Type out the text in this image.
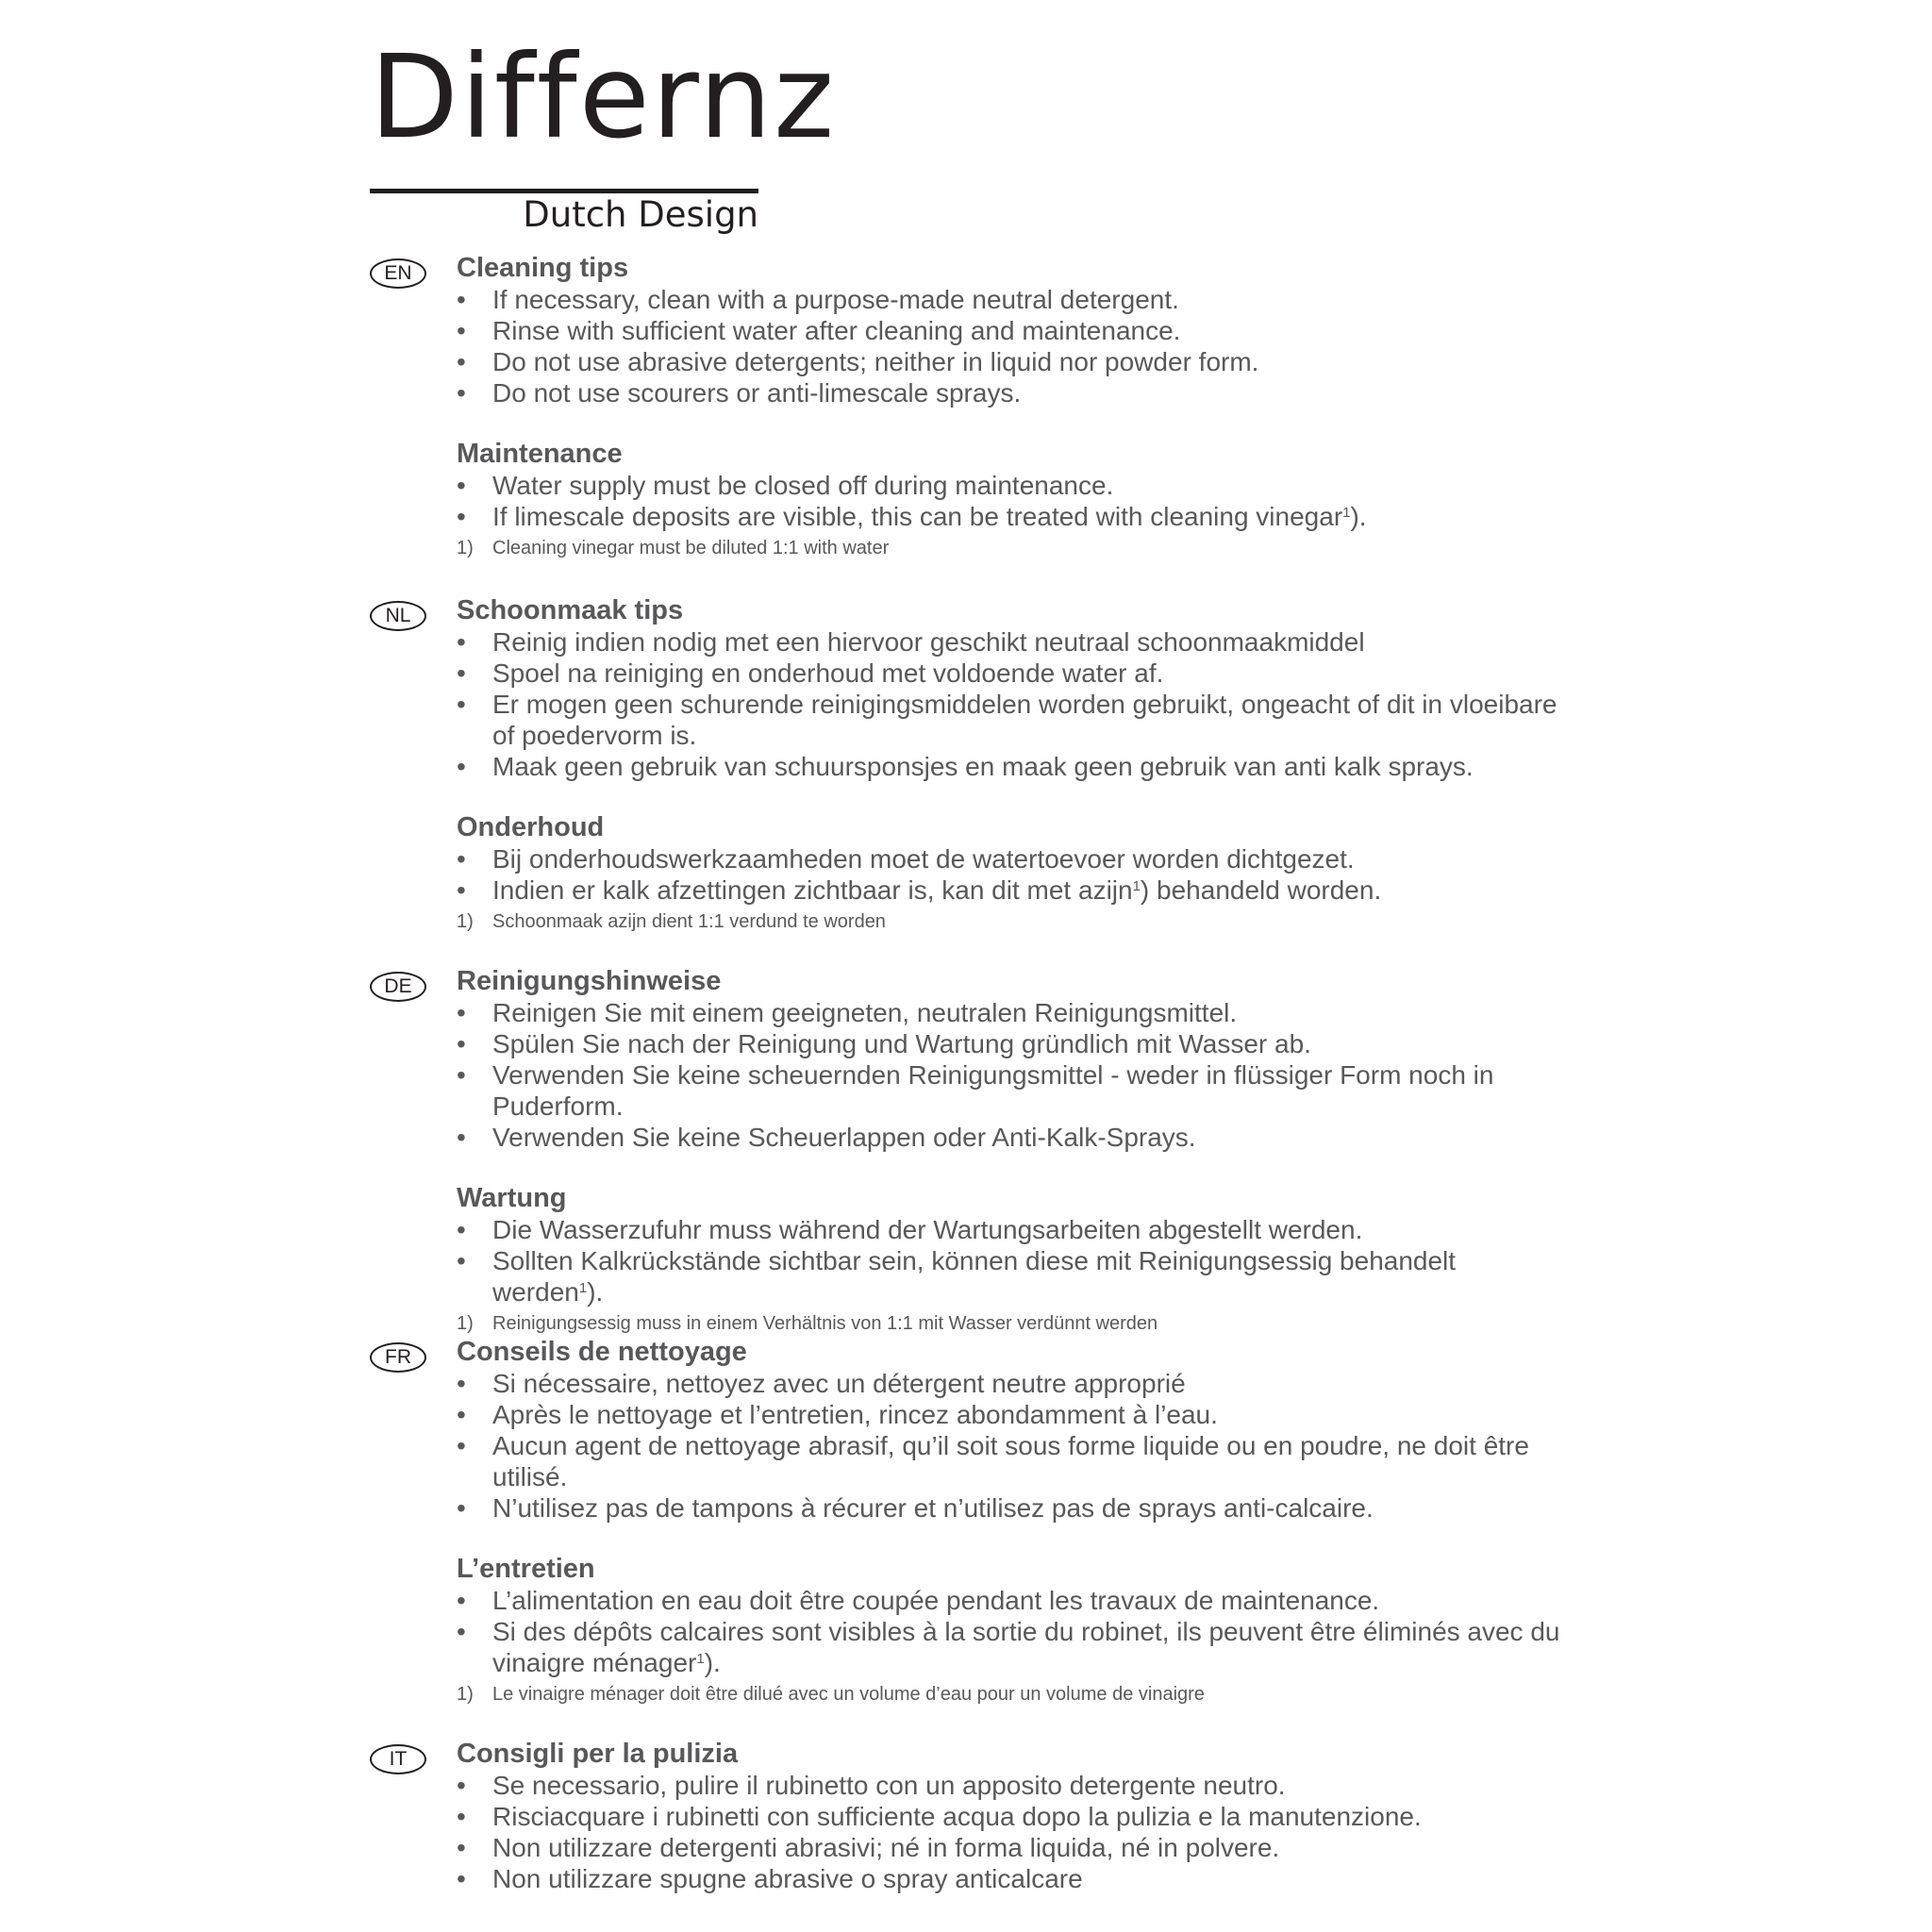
Differnz
Dutch Design
EN	Cleaning tips
•	If necessary, clean with a purpose-made neutral detergent.
•	Rinse with sufficient water after cleaning and maintenance.
•	Do not use abrasive detergents; neither in liquid nor powder form.
•	Do not use scourers or anti-limescale sprays.
Maintenance
•	Water supply must be closed off during maintenance.
•	If limescale deposits are visible, this can be treated with cleaning vinegar$^1$).
1) Cleaning vinegar must be diluted 1:1 with water
NL	Schoonmaak tips
•	Reinig indien nodig met een hiervoor geschikt neutraal schoonmaakmiddel
•	Spoel na reiniging en onderhoud met voldoende water af.
•	Er mogen geen schurende reinigingsmiddelen worden gebruikt, ongeacht of dit in vloeibare of poedervorm is.
•	Maak geen gebruik van schuursponsjes en maak geen gebruik van anti kalk sprays.
Onderhoud
•	Bij onderhoudswerkzaamheden moet de watertoevoer worden dichtgezet.
•	Indien er kalk afzettingen zichtbaar is, kan dit met azijn$^1$) behandeld worden.
1) Schoonmaak azijn dient 1:1 verdund te worden
DE	Reinigungshinweise
•	Reinigen Sie mit einem geeigneten, neutralen Reinigungsmittel.
•	Spülen Sie nach der Reinigung und Wartung gründlich mit Wasser ab.
•	Verwenden Sie keine scheuernden Reinigungsmittel - weder in flüssiger Form noch in Puderform.
•	Verwenden Sie keine Scheuerlappen oder Anti-Kalk-Sprays.
Wartung
•	Die Wasserzufuhr muss während der Wartungsarbeiten abgestellt werden.
•	Sollten Kalkrückstände sichtbar sein, können diese mit Reinigungsessig behandelt werden$^1$).
1) Reinigungsessig muss in einem Verhältnis von 1:1 mit Wasser verdünnt werden
FR	Conseils de nettoyage
•	Si nécessaire, nettoyez avec un détergent neutre approprié
•	Après le nettoyage et l’entretien, rincez abondamment à l’eau.
•	Aucun agent de nettoyage abrasif, qu’il soit sous forme liquide ou en poudre, ne doit être utilisé.
•	N’utilisez pas de tampons à récurer et n’utilisez pas de sprays anti-calcaire.
L’entretien
•	L’alimentation en eau doit être coupée pendant les travaux de maintenance.
•	Si des dépôts calcaires sont visibles à la sortie du robinet, ils peuvent être éliminés avec du vinaigre ménager$^1$).
1) Le vinaigre ménager doit être dilué avec un volume d’eau pour un volume de vinaigre
IT	Consigli per la pulizia
•	Se necessario, pulire il rubinetto con un apposito detergente neutro.
•	Risciacquare i rubinetti con sufficiente acqua dopo la pulizia e la manutenzione.
•	Non utilizzare detergenti abrasivi; né in forma liquida, né in polvere.
•	Non utilizzare spugne abrasive o spray anticalcare
